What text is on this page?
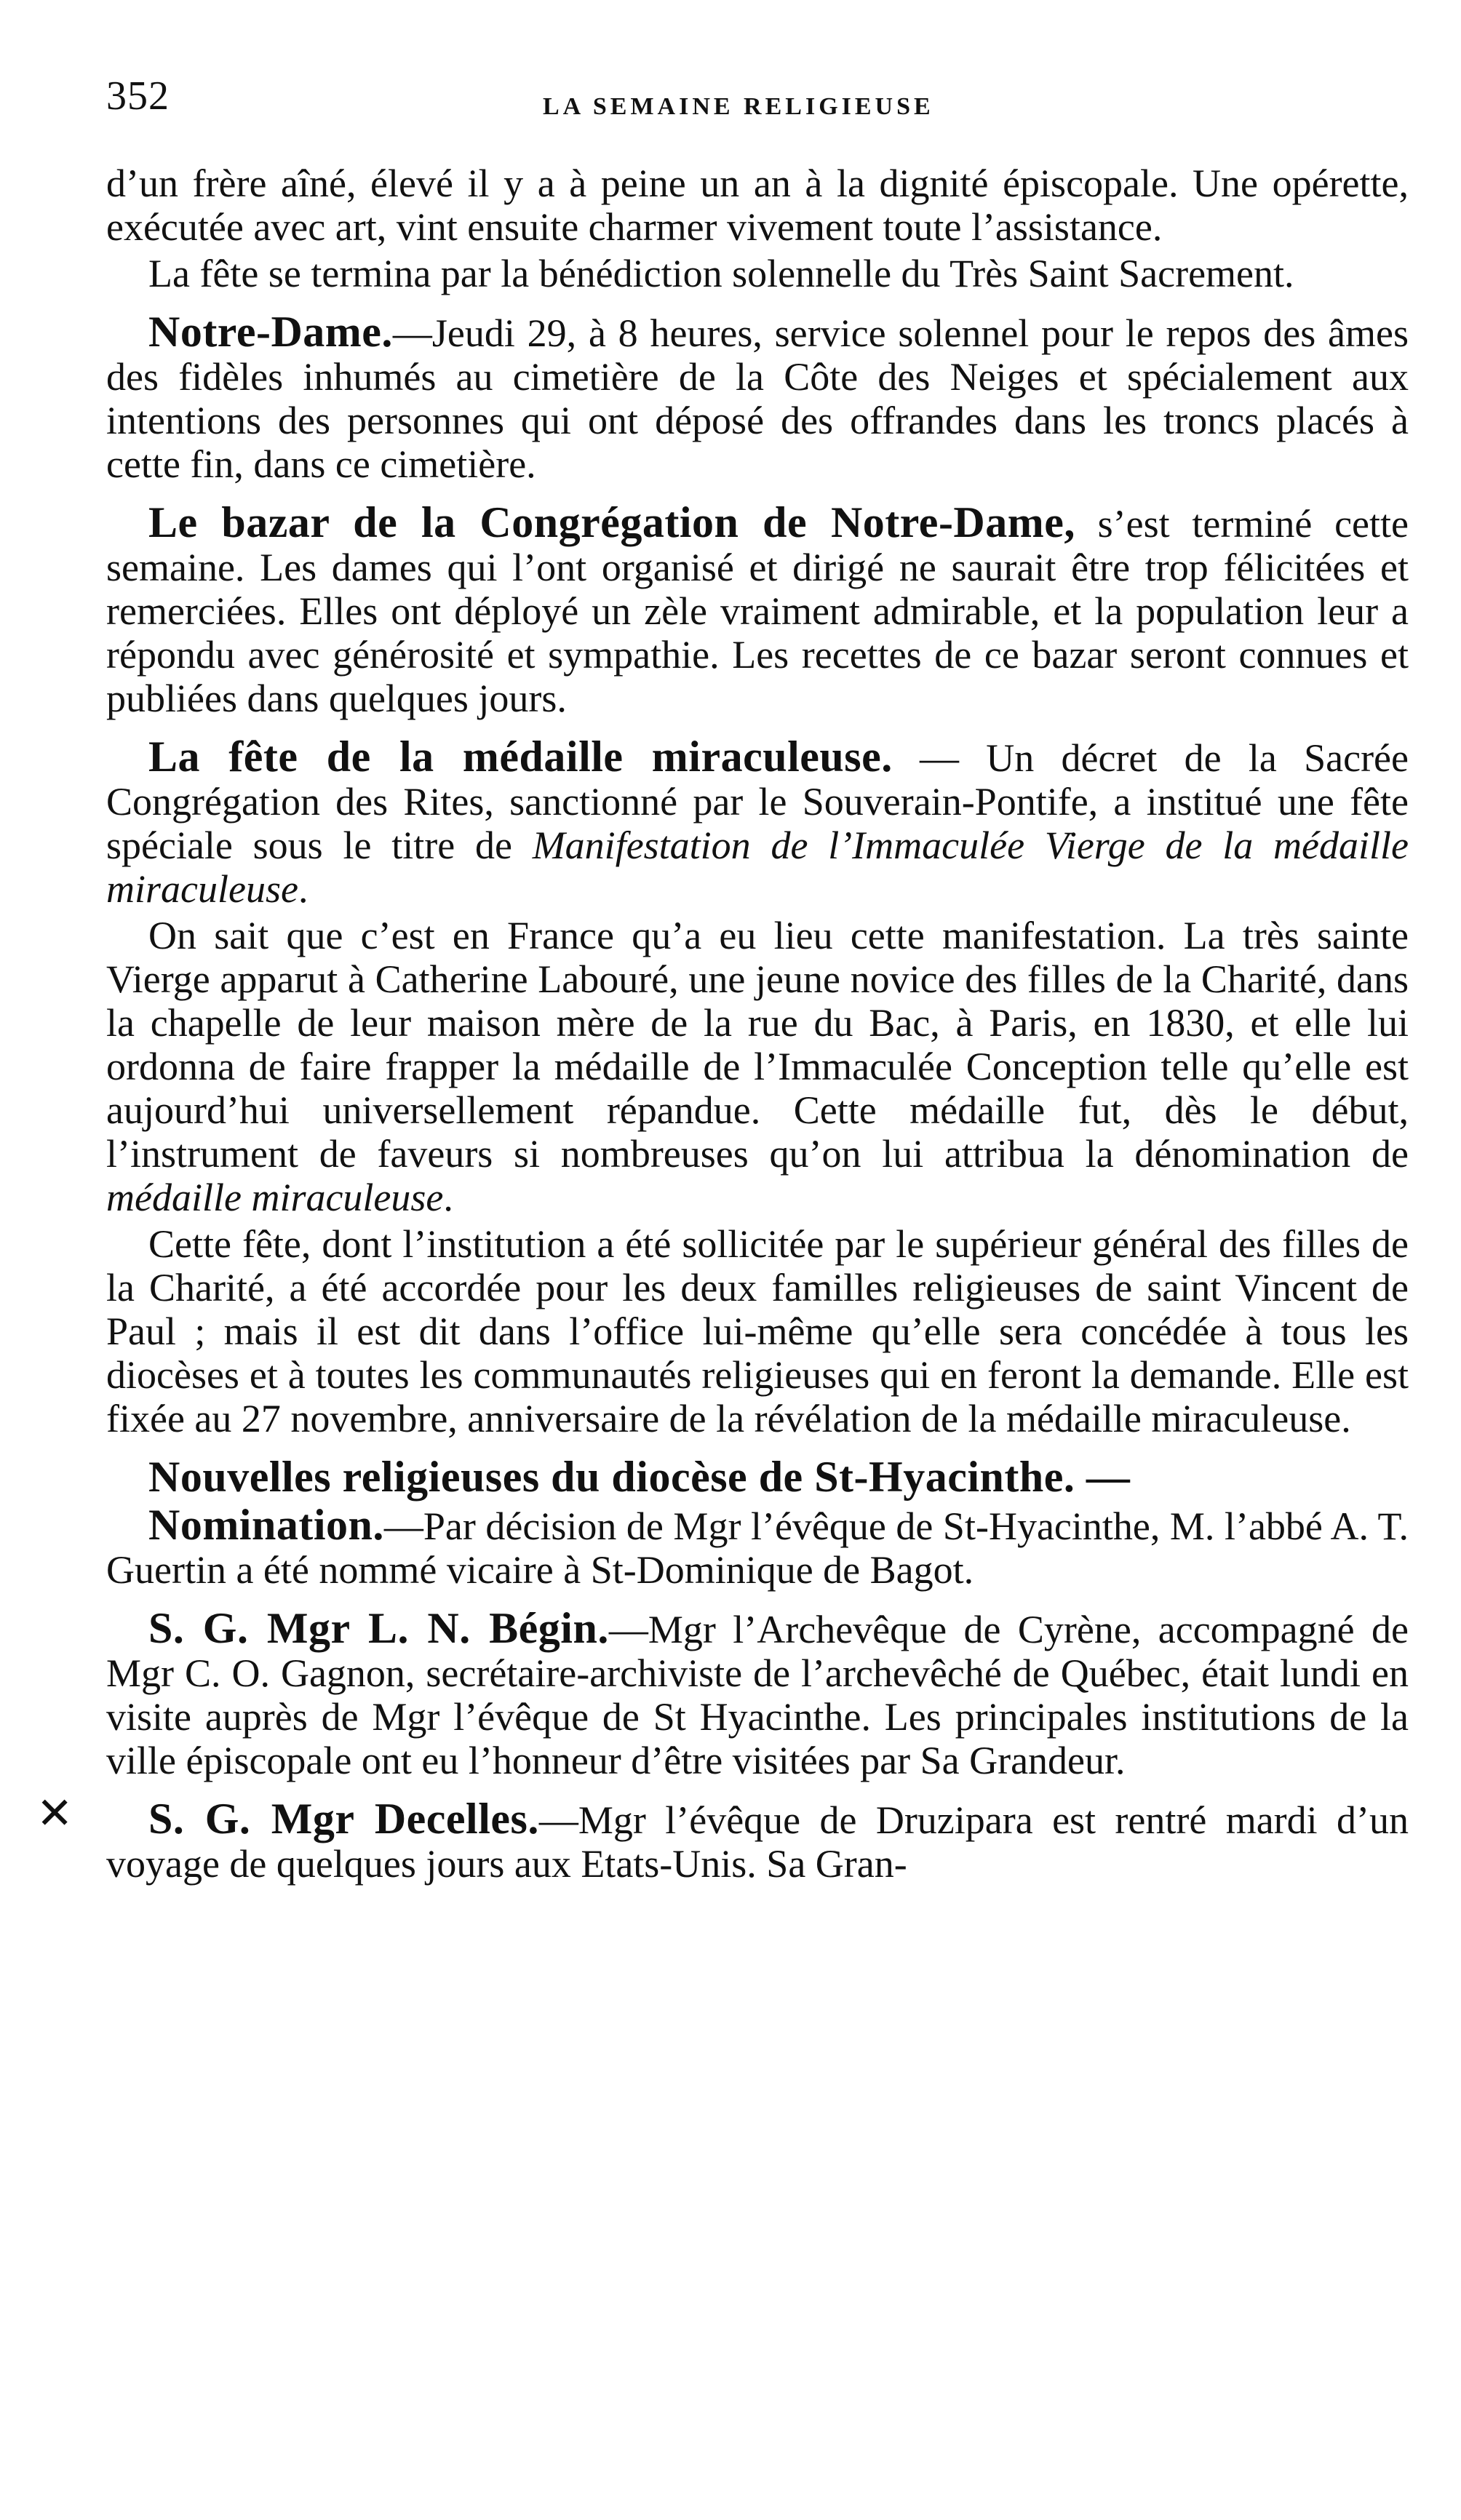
352	LA SEMAINE RELIGIEUSE
✕

d’un frère aîné, élevé il y a à peine un an à la dignité épiscopale. Une opérette, exécutée avec art, vint ensuite charmer vivement toute l’assistance.

La fête se termina par la bénédiction solennelle du Très Saint Sacrement.

Notre-Dame.—Jeudi 29, à 8 heures, service solennel pour le repos des âmes des fidèles inhumés au cimetière de la Côte des Neiges et spécialement aux intentions des personnes qui ont déposé des offrandes dans les troncs placés à cette fin, dans ce cimetière.

Le bazar de la Congrégation de Notre-Dame, s’est terminé cette semaine. Les dames qui l’ont organisé et dirigé ne saurait être trop félicitées et remerciées. Elles ont déployé un zèle vraiment admirable, et la population leur a répondu avec générosité et sympathie. Les recettes de ce bazar seront connues et publiées dans quelques jours.

La fête de la médaille miraculeuse. — Un décret de la Sacrée Congrégation des Rites, sanctionné par le Souverain-Pontife, a institué une fête spéciale sous le titre de Manifestation de l’Immaculée Vierge de la médaille miraculeuse.

On sait que c’est en France qu’a eu lieu cette manifestation. La très sainte Vierge apparut à Catherine Labouré, une jeune novice des filles de la Charité, dans la chapelle de leur maison mère de la rue du Bac, à Paris, en 1830, et elle lui ordonna de faire frapper la médaille de l’Immaculée Conception telle qu’elle est aujourd’hui universellement répandue. Cette médaille fut, dès le début, l’instrument de faveurs si nombreuses qu’on lui attribua la dénomination de médaille miraculeuse.

Cette fête, dont l’institution a été sollicitée par le supérieur général des filles de la Charité, a été accordée pour les deux familles religieuses de saint Vincent de Paul ; mais il est dit dans l’office lui-même qu’elle sera concédée à tous les diocèses et à toutes les communautés religieuses qui en feront la demande. Elle est fixée au 27 novembre, anniversaire de la révélation de la médaille miraculeuse.

Nouvelles religieuses du diocèse de St-Hyacinthe. —

Nomination.—Par décision de Mgr l’évêque de St-Hyacinthe, M. l’abbé A. T. Guertin a été nommé vicaire à St-Dominique de Bagot.

S. G. Mgr L. N. Bégin.—Mgr l’Archevêque de Cyrène, accompagné de Mgr C. O. Gagnon, secrétaire-archiviste de l’archevêché de Québec, était lundi en visite auprès de Mgr l’évêque de St Hyacinthe. Les principales institutions de la ville épiscopale ont eu l’honneur d’être visitées par Sa Grandeur.

S. G. Mgr Decelles.—Mgr l’évêque de Druzipara est rentré mardi d’un voyage de quelques jours aux Etats-Unis. Sa Gran-
